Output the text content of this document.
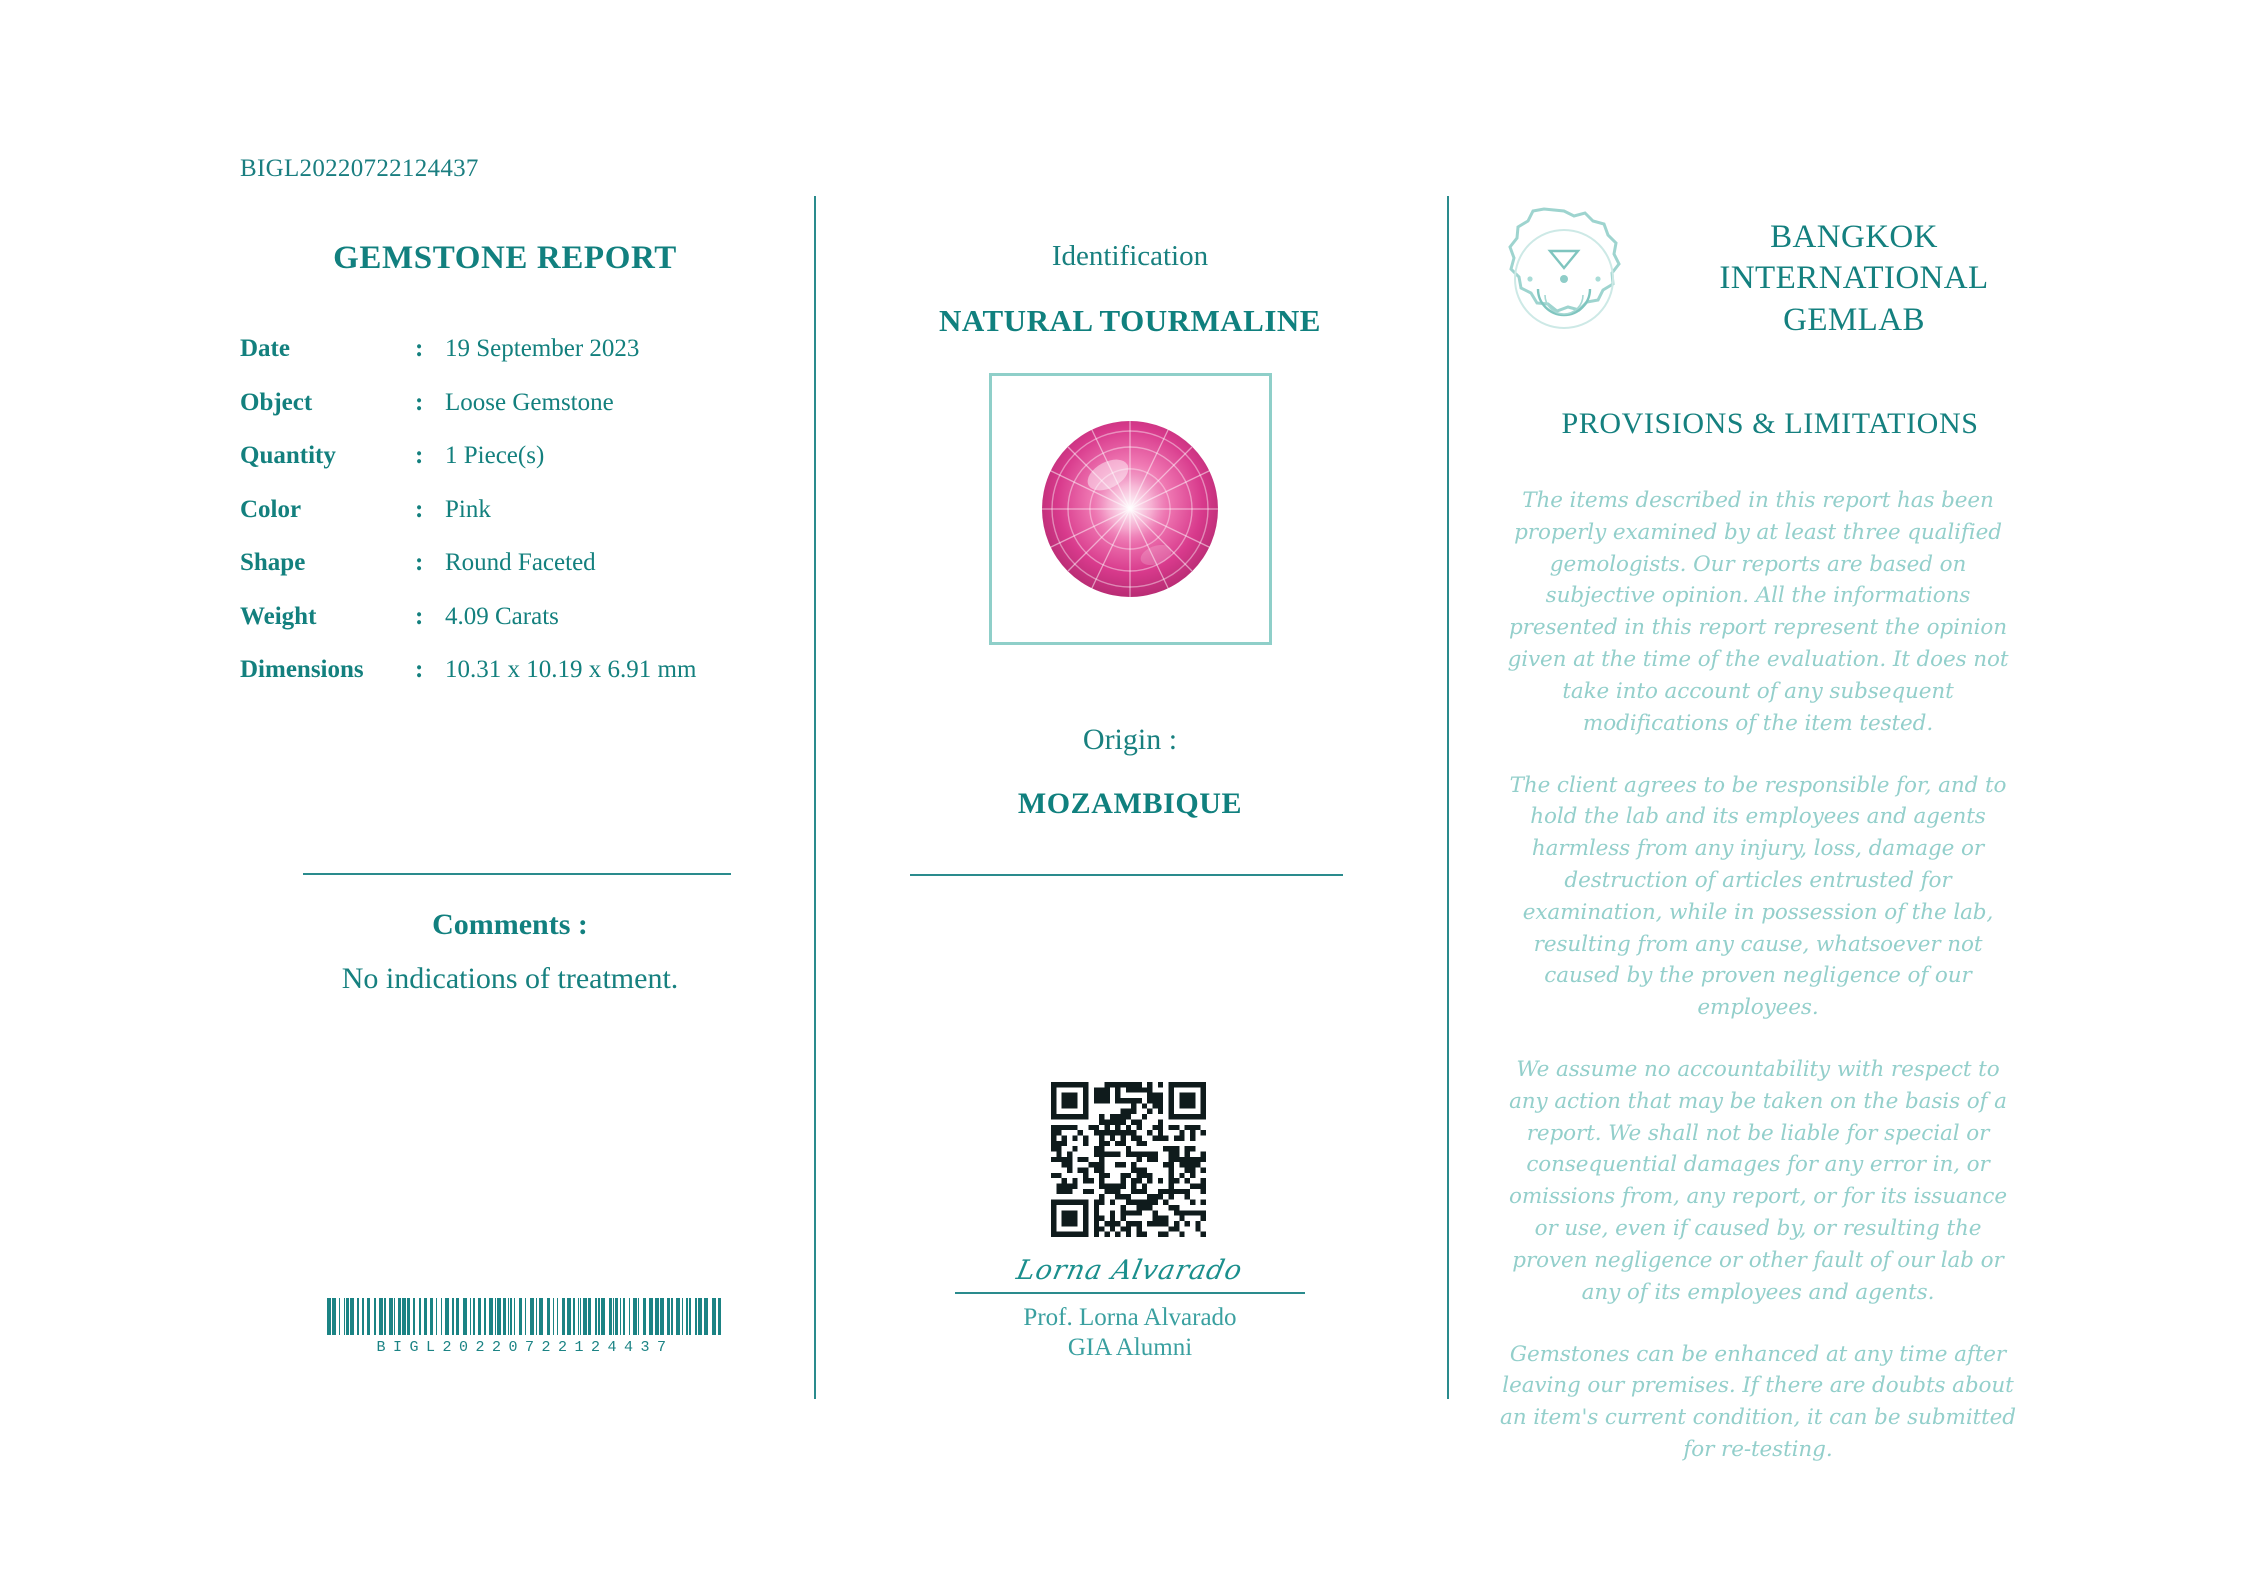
BIGL20220722124437
GEMSTONE REPORT
Date	:	19 September 2023
Object	:	Loose Gemstone
Quantity	:	1 Piece(s)
Color	:	Pink
Shape	:	Round Faceted
Weight	:	4.09 Carats
Dimensions	:	10.31 x 10.19 x 6.91 mm
Comments :
No indications of treatment.
BIGL20220722124437
Identification
NATURAL TOURMALINE
Origin :
MOZAMBIQUE
Lorna Alvarado
Prof. Lorna Alvarado
GIA Alumni
BANGKOK
INTERNATIONAL
GEMLAB
PROVISIONS & LIMITATIONS
The items described in this report has been properly examined by at least three qualified gemologists. Our reports are based on subjective opinion. All the informations presented in this report represent the opinion given at the time of the evaluation. It does not take into account of any subsequent modifications of the item tested.
The client agrees to be responsible for, and to hold the lab and its employees and agents harmless from any injury, loss, damage or destruction of articles entrusted for examination, while in possession of the lab, resulting from any cause, whatsoever not caused by the proven negligence of our employees.
We assume no accountability with respect to any action that may be taken on the basis of a report. We shall not be liable for special or consequential damages for any error in, or omissions from, any report, or for its issuance or use, even if caused by, or resulting the proven negligence or other fault of our lab or any of its employees and agents.
Gemstones can be enhanced at any time after leaving our premises. If there are doubts about an item's current condition, it can be submitted for re-testing.
